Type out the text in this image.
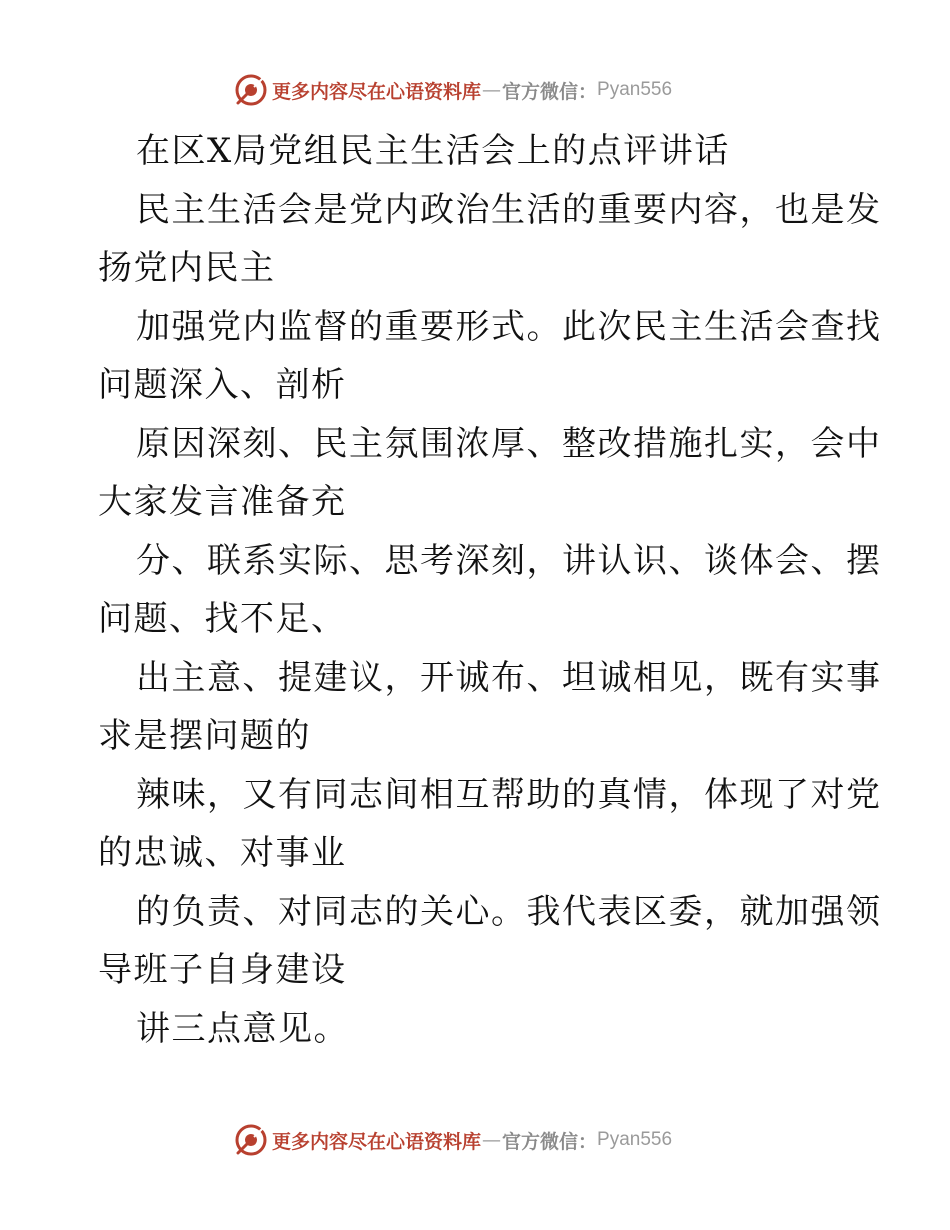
更多内容尽在心语资料库 — 官方微信： Pyan556
在区X局党组民主生活会上的点评讲话
民主生活会是党内政治生活的重要内容，也是发
扬党内民主
加强党内监督的重要形式。此次民主生活会查找
问题深入、剖析
原因深刻、民主氛围浓厚、整改措施扎实，会中
大家发言准备充
分、联系实际、思考深刻，讲认识、谈体会、摆
问题、找不足、
出主意、提建议，开诚布、坦诚相见，既有实事
求是摆问题的
辣味，又有同志间相互帮助的真情，体现了对党
的忠诚、对事业
的负责、对同志的关心。我代表区委，就加强领
导班子自身建设
讲三点意见。
更多内容尽在心语资料库 — 官方微信： Pyan556
